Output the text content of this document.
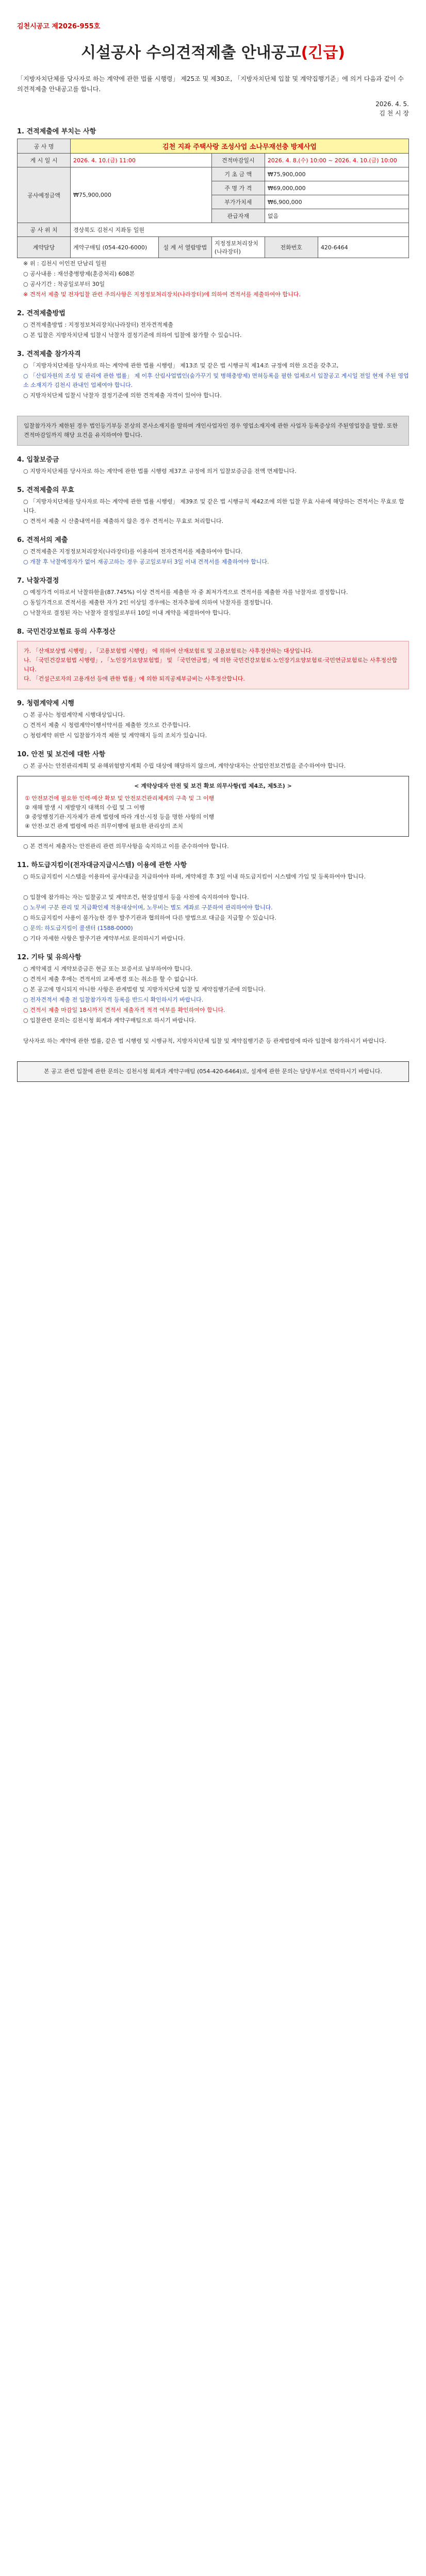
김천시공고 제2026-955호
시설공사 수의견적제출 안내공고(긴급)
「지방자치단체를 당사자로 하는 계약에 관한 법률 시행령」 제25조 및 제30조, 「지방자치단체 입찰 및 계약집행기준」에 의거 다음과 같이 수의견적제출 안내공고를 합니다.
2026. 4. 5.
김 천 시 장
1. 견적제출에 부치는 사항
공 사 명	김천 지좌 주택사랑 조성사업 소나무재선충 방제사업				
게 시 일 시	2026. 4. 10.(금) 11:00		견적마감일시	2026. 4. 8.(수) 10:00 ~ 2026. 4. 10.(금) 10:00	
공사예정금액	₩75,900,000		기 초 금 액	₩75,900,000	
			주 명 가 격	₩69,000,000	
			부가가치세	₩6,900,000	
			관급자재	없음	
공 사 위 치	경상북도 김천시 지좌동 일원				
계약담당	계약구매팀 (054-420-6000)	설 계 서 열람방법	지정정보처리장치 (나라장터)	전화번호	420-6464
※ 위 : 김천시 이인전 단남리 일원
○ 공사내용 : 재선충병방제(훈증처리) 608본
○ 공사기간 : 착공일로부터 30일
※ 견적서 제출 및 전자입찰 관련 주의사항은 지정정보처리장치(나라장터)에 의하여 견적서를 제출하여야 합니다.
2. 견적제출방법
○ 견적제출방법 : 지정정보처리장치(나라장터) 전자견적제출
○ 본 입찰은 지방자치단체 입찰시 낙찰자 결정기준에 의하여 입찰에 참가할 수 있습니다.
3. 견적제출 참가자격
○ 「지방자치단체를 당사자로 하는 계약에 관한 법률 시행령」 제13조 및 같은 법 시행규칙 제14조 규정에 의한 요건을 갖추고,
○ 「산림자원의 조성 및 관리에 관한 법률」 제 이후 산림사업법인(숲가꾸기 및 병해충방제) 면허등록을 필한 업체로서 입찰공고 게시일 전일 현재 주된 영업소 소재지가 김천시 관내인 업체여야 합니다.
○ 지방자치단체 입찰시 낙찰자 결정기준에 의한 견적제출 자격이 있어야 합니다.
입찰참가자가 제한된 경우 법인등기부등 본상의 본사소재지를 말하며 개인사업자인 경우 영업소재지에 관한 사업자 등록증상의 주된영업장을 말함. 또한 견적마감일까지 해당 요건을 유지하여야 합니다.
4. 입찰보증금
○ 지방자치단체를 당사자로 하는 계약에 관한 법률 시행령 제37조 규정에 의거 입찰보증금을 전액 면제합니다.
5. 견적제출의 무효
○ 「지방자치단체를 당사자로 하는 계약에 관한 법률 시행령」 제39조 및 같은 법 시행규칙 제42조에 의한 입찰 무효 사유에 해당하는 견적서는 무효로 합니다.
○ 견적서 제출 시 산출내역서를 제출하지 않은 경우 견적서는 무효로 처리합니다.
6. 견적서의 제출
○ 견적제출은 지정정보처리장치(나라장터)를 이용하여 전자견적서를 제출하여야 합니다.
○ 개찰 후 낙찰예정자가 없어 재공고하는 경우 공고일로부터 3일 이내 견적서를 제출하여야 합니다.
7. 낙찰자결정
○ 예정가격 이하로서 낙찰하한율(87.745%) 이상 견적서를 제출한 자 중 최저가격으로 견적서를 제출한 자를 낙찰자로 결정합니다.
○ 동일가격으로 견적서를 제출한 자가 2인 이상일 경우에는 전자추첨에 의하여 낙찰자를 결정합니다.
○ 낙찰자로 결정된 자는 낙찰자 결정일로부터 10일 이내 계약을 체결하여야 합니다.
8. 국민건강보험료 등의 사후정산
가. 「산재보상법 시행령」, 「고용보험법 시행령」 에 의하여 산재보험료 및 고용보험료는 사후정산하는 대상입니다.
나. 「국민건강보험법 시행령」, 「노인장기요양보험법」 및 「국민연금법」에 의한 국민건강보험료·노인장기요양보험료·국민연금보험료는 사후정산합니다.
다. 「건설근로자의 고용개선 등에 관한 법률」에 의한 퇴직공제부금비는 사후정산합니다.
9. 청렴계약제 시행
○ 본 공사는 청렴계약제 시행대상입니다.
○ 견적서 제출 시 청렴계약이행서약서를 제출한 것으로 간주합니다.
○ 청렴계약 위반 시 입찰참가자격 제한 및 계약해지 등의 조치가 있습니다.
10. 안전 및 보건에 대한 사항
○ 본 공사는 안전관리계획 및 유해위험방지계획 수립 대상에 해당하지 않으며, 계약상대자는 산업안전보건법을 준수하여야 합니다.
< 계약상대자 안전 및 보건 확보 의무사항(법 제4조, 제5조) >
① 안전보건에 필요한 인력·예산 확보 및 안전보건관리체계의 구축 및 그 이행
② 재해 발생 시 재발방지 대책의 수립 및 그 이행
③ 중앙행정기관·지자체가 관계 법령에 따라 개선·시정 등을 명한 사항의 이행
④ 안전·보건 관계 법령에 따른 의무이행에 필요한 관리상의 조치
○ 본 견적서 제출자는 안전관리 관련 의무사항을 숙지하고 이를 준수하여야 합니다.
11. 하도급지킴이(전자대금지급시스템) 이용에 관한 사항
○ 하도급지킴이 시스템을 이용하여 공사대금을 지급하여야 하며, 계약체결 후 3일 이내 하도급지킴이 시스템에 가입 및 등록하여야 합니다.
○ 입찰에 참가하는 자는 입찰공고 및 계약조건, 현장설명서 등을 사전에 숙지하여야 합니다.
○ 노무비 구분 관리 및 지급확인제 적용대상이며, 노무비는 별도 계좌로 구분하여 관리하여야 합니다.
○ 하도급지킴이 사용이 불가능한 경우 발주기관과 협의하여 다른 방법으로 대금을 지급할 수 있습니다.
○ 문의: 하도급지킴이 콜센터 (1588-0000)
○ 기타 자세한 사항은 발주기관 계약부서로 문의하시기 바랍니다.
12. 기타 및 유의사항
○ 계약체결 시 계약보증금은 현금 또는 보증서로 납부하여야 합니다.
○ 견적서 제출 후에는 견적서의 교체·변경 또는 취소를 할 수 없습니다.
○ 본 공고에 명시되지 아니한 사항은 관계법령 및 지방자치단체 입찰 및 계약집행기준에 의합니다.
○ 전자견적서 제출 전 입찰참가자격 등록을 반드시 확인하시기 바랍니다.
○ 견적서 제출 마감일 18시까지 견적서 제출자격 적격 여부를 확인하여야 합니다.
○ 입찰관련 문의는 김천시청 회계과 계약구매팀으로 하시기 바랍니다.
당사자로 하는 계약에 관한 법률, 같은 법 시행령 및 시행규칙, 지방자치단체 입찰 및 계약집행기준 등 관계법령에 따라 입찰에 참가하시기 바랍니다.
본 공고 관련 입찰에 관한 문의는 김천시청 회계과 계약구매팀 (054-420-6464)로, 설계에 관한 문의는 담당부서로 연락하시기 바랍니다.
